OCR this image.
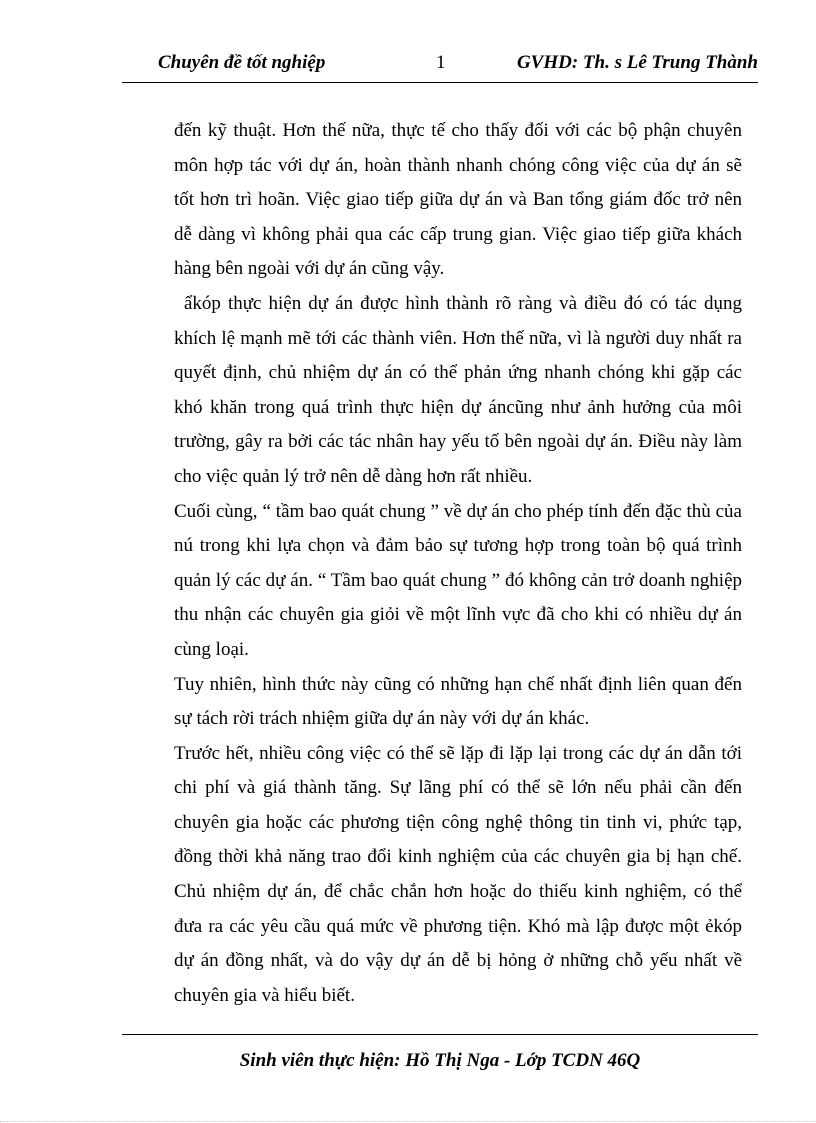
Chuyên đề tốt nghiệp	1	GVHD: Th. s Lê Trung Thành

đến kỹ thuật. Hơn thế nữa, thực tế cho thấy đối với các bộ phận chuyên môn hợp tác với dự án, hoàn thành nhanh chóng công việc của dự án sẽ tốt hơn trì hoãn. Việc giao tiếp giữa dự án và Ban tổng giám đốc trở nên dễ dàng vì không phải qua các cấp trung gian. Việc giao tiếp giữa khách hàng bên ngoài với dự án cũng vậy.

ẩkóp thực hiện dự án được hình thành rõ ràng và điều đó có tác dụng khích lệ mạnh mẽ tới các thành viên. Hơn thế nữa, vì là người duy nhất ra quyết định, chủ nhiệm dự án có thể phản ứng nhanh chóng khi gặp các khó khăn trong quá trình thực hiện dự áncũng như ảnh hưởng của môi trường, gây ra bởi các tác nhân hay yếu tố bên ngoài dự án. Điều này làm cho việc quản lý trở nên dễ dàng hơn rất nhiều.

Cuối cùng, “ tầm bao quát chung ” về dự án cho phép tính đến đặc thù của nú trong khi lựa chọn và đảm bảo sự tương hợp trong toàn bộ quá trình quản lý các dự án. “ Tầm bao quát chung ” đó không cản trở doanh nghiệp thu nhận các chuyên gia giỏi về một lĩnh vực đã cho khi có nhiều dự án cùng loại.

Tuy nhiên, hình thức này cũng có những hạn chế nhất định liên quan đến sự tách rời trách nhiệm giữa dự án này với dự án khác.

Trước hết, nhiều công việc có thể sẽ lặp đi lặp lại trong các dự án dẫn tới chi phí và giá thành tăng. Sự lãng phí có thể sẽ lớn nếu phải cần đến chuyên gia hoặc các phương tiện công nghệ thông tin tinh vi, phức tạp, đồng thời khả năng trao đổi kinh nghiệm của các chuyên gia bị hạn chế. Chủ nhiệm dự án, để chắc chắn hơn hoặc do thiếu kinh nghiệm, có thể đưa ra các yêu cầu quá mức về phương tiện. Khó mà lập được một ẻkóp dự án đồng nhất, và do vậy dự án dễ bị hỏng ở những chỗ yếu nhất về chuyên gia và hiểu biết.

Sinh viên thực hiện: Hồ Thị Nga - Lớp TCDN 46Q
